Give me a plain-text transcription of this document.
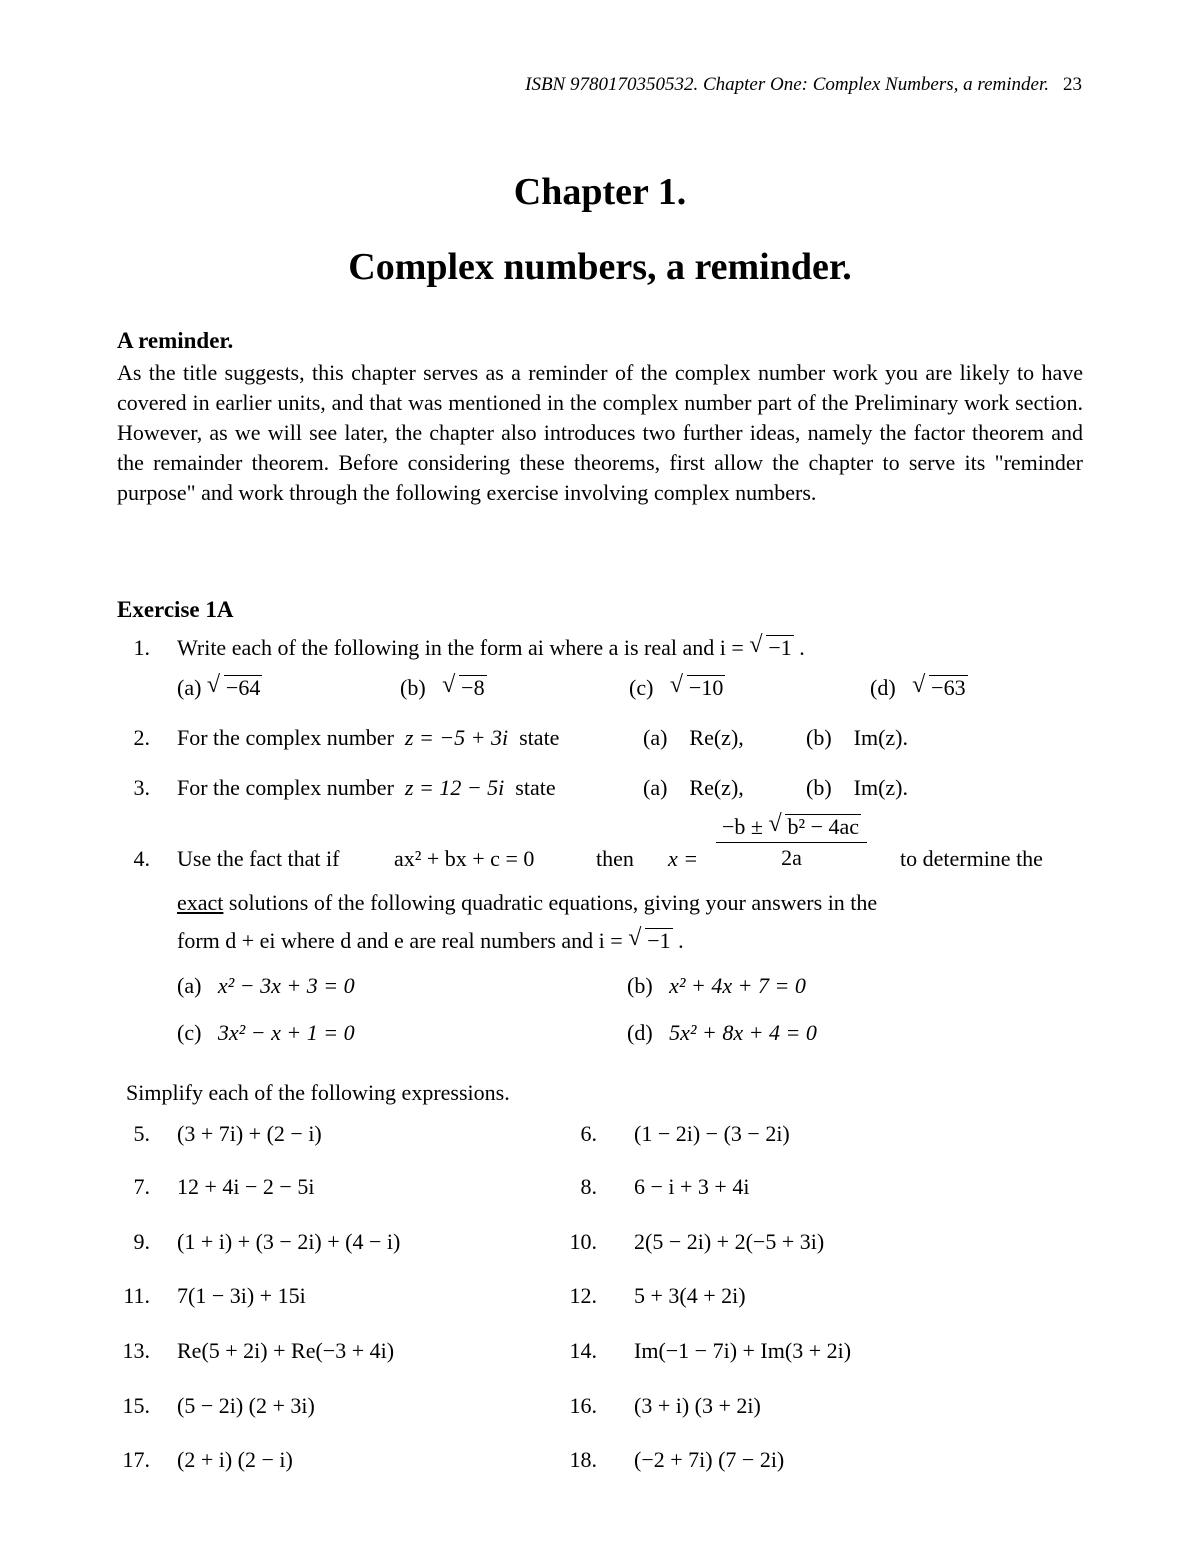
ISBN 9780170350532. Chapter One: Complex Numbers, a reminder. 23
Chapter 1.
Complex numbers, a reminder.
A reminder.
As the title suggests, this chapter serves as a reminder of the complex number work you are likely to have covered in earlier units, and that was mentioned in the complex number part of the Preliminary work section. However, as we will see later, the chapter also introduces two further ideas, namely the factor theorem and the remainder theorem. Before considering these theorems, first allow the chapter to serve its "reminder purpose" and work through the following exercise involving complex numbers.
Exercise 1A
1. Write each of the following in the form ai where a is real and i = √ −1 .
(a) √ −64	(b) √ −8	(c) √ −10	(d) √ −63
2. For the complex number z = −5 + 3i state	(a) Re(z),	(b) Im(z).
3. For the complex number z = 12 − 5i state	(a) Re(z),	(b) Im(z).
4. Use the fact that if ax² + bx + c = 0	then $x = \frac{\text{−b ± √ b² − 4ac}}{2a}$ to determine the
exact solutions of the following quadratic equations, giving your answers in the
form d + ei where d and e are real numbers and i = √ −1 .
(a) x² − 3x + 3 = 0	(b) x² + 4x + 7 = 0
(c) 3x² − x + 1 = 0	(d) 5x² + 8x + 4 = 0
Simplify each of the following expressions.
5. (3 + 7i) + (2 − i)	6. (1 − 2i) − (3 − 2i)
7. 12 + 4i − 2 − 5i	8. 6 − i + 3 + 4i
9. (1 + i) + (3 − 2i) + (4 − i)	10. 2(5 − 2i) + 2(−5 + 3i)
11. 7(1 − 3i) + 15i	12. 5 + 3(4 + 2i)
13. Re(5 + 2i) + Re(−3 + 4i)	14. Im(−1 − 7i) + Im(3 + 2i)
15. (5 − 2i) (2 + 3i)	16. (3 + i) (3 + 2i)
17. (2 + i) (2 − i)	18. (−2 + 7i) (7 − 2i)
